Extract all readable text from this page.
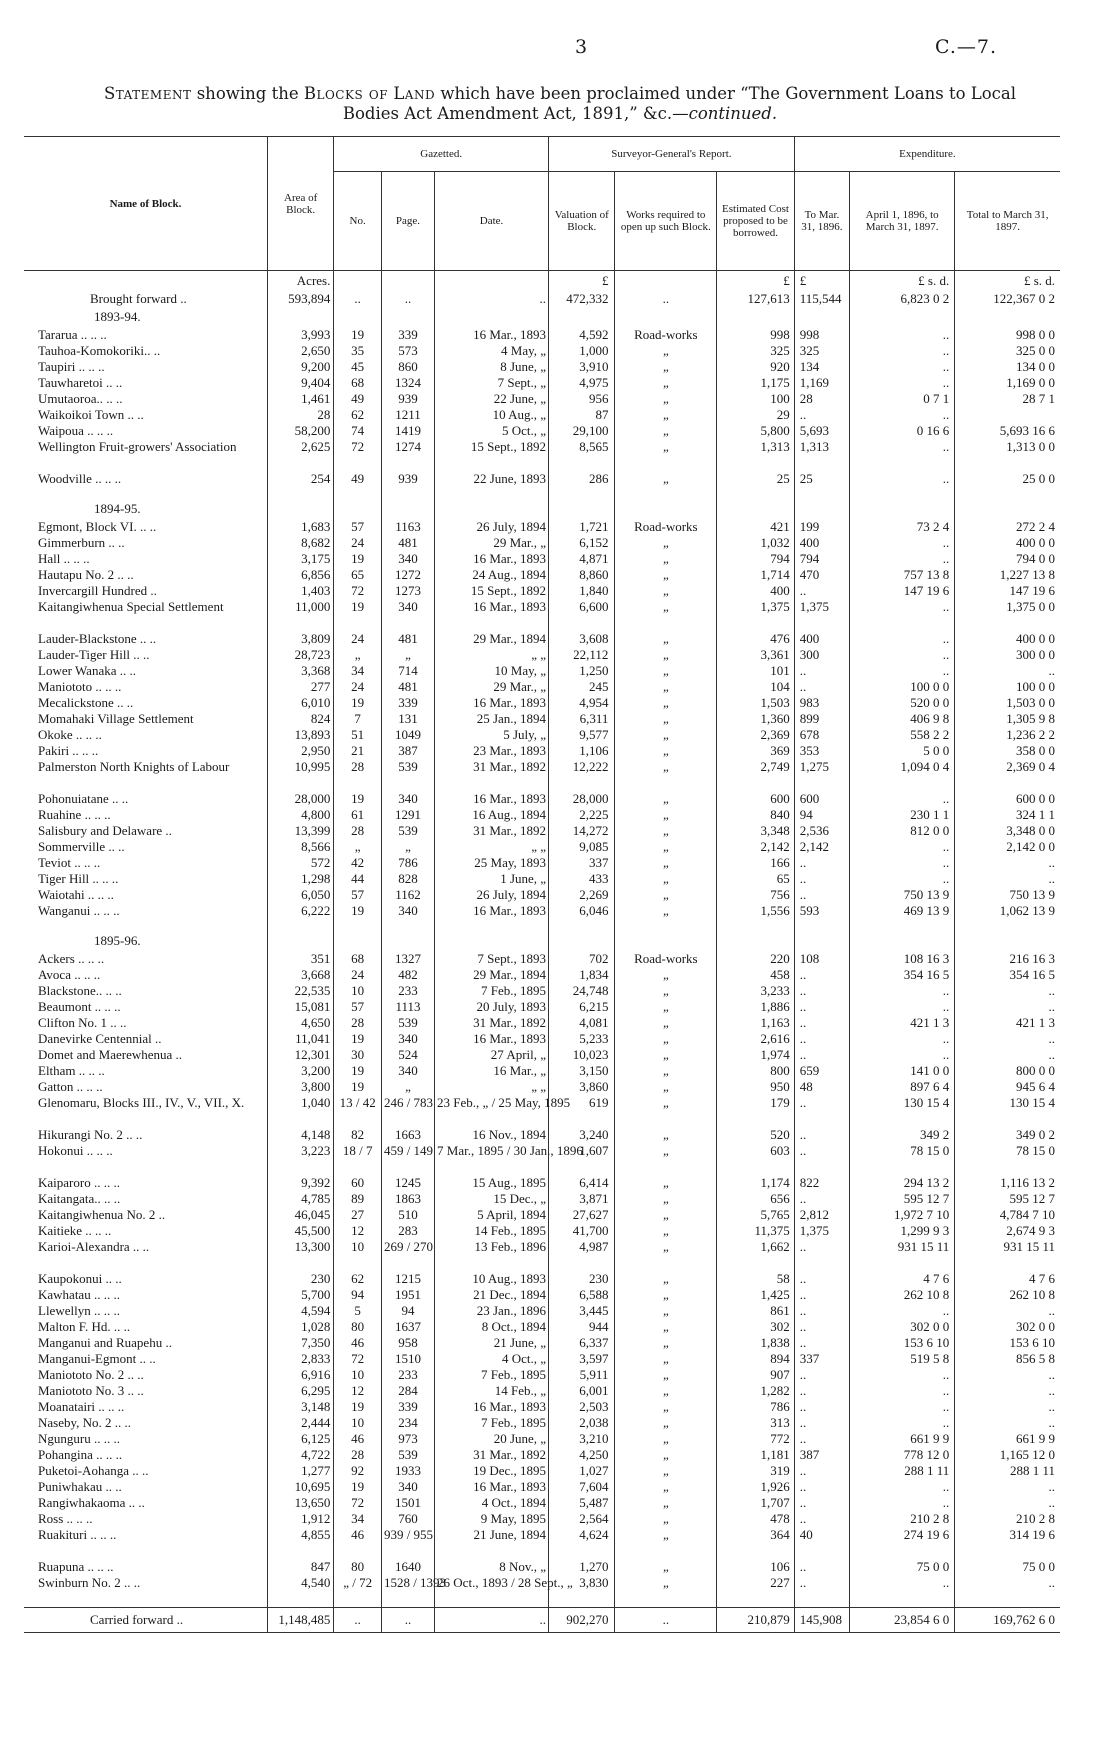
3	C.—7.
Statement showing the Blocks of Land which have been proclaimed under “The Government Loans to Local
Bodies Act Amendment Act, 1891,” &c.—continued.
Name of Block.	Area of Block.	Gazetted.			Surveyor-General's Report.			Expenditure.		
		No.	Page.	Date.	Valuation of Block.	Works required to open up such Block.	Estimated Cost proposed to be borrowed.	To Mar. 31, 1896.	April 1, 1896, to March 31, 1897.	Total to March 31, 1897.
	Acres.				£		£	£	£ s. d.	£ s. d.
Brought forward ..	593,894	..	..	..	472,332	..	127,613	115,544	6,823 0 2	122,367 0 2
1893-94.										
Tararua .. .. ..	3,993	19	339	16 Mar., 1893	4,592	Road-works	998	998	..	998 0 0
Tauhoa-Komokoriki.. ..	2,650	35	573	4 May, „	1,000	„	325	325	..	325 0 0
Taupiri .. .. ..	9,200	45	860	8 June, „	3,910	„	920	134	..	134 0 0
Tauwharetoi .. ..	9,404	68	1324	7 Sept., „	4,975	„	1,175	1,169	..	1,169 0 0
Umutaoroa.. .. ..	1,461	49	939	22 June, „	956	„	100	28	0 7 1	28 7 1
Waikoikoi Town .. ..	28	62	1211	10 Aug., „	87	„	29	..	..	
Waipoua .. .. ..	58,200	74	1419	5 Oct., „	29,100	„	5,800	5,693	0 16 6	5,693 16 6
Wellington Fruit-growers' Association	2,625	72	1274	15 Sept., 1892	8,565	„	1,313	1,313	..	1,313 0 0
Woodville .. .. ..	254	49	939	22 June, 1893	286	„	25	25	..	25 0 0

1894-95.										
Egmont, Block VI. .. ..	1,683	57	1163	26 July, 1894	1,721	Road-works	421	199	73 2 4	272 2 4
Gimmerburn .. ..	8,682	24	481	29 Mar., „	6,152	„	1,032	400	..	400 0 0
Hall .. .. ..	3,175	19	340	16 Mar., 1893	4,871	„	794	794	..	794 0 0
Hautapu No. 2 .. ..	6,856	65	1272	24 Aug., 1894	8,860	„	1,714	470	757 13 8	1,227 13 8
Invercargill Hundred ..	1,403	72	1273	15 Sept., 1892	1,840	„	400	..	147 19 6	147 19 6
Kaitangiwhenua Special Settlement	11,000	19	340	16 Mar., 1893	6,600	„	1,375	1,375	..	1,375 0 0
Lauder-Blackstone .. ..	3,809	24	481	29 Mar., 1894	3,608	„	476	400	..	400 0 0
Lauder-Tiger Hill .. ..	28,723	„	„	„ „	22,112	„	3,361	300	..	300 0 0
Lower Wanaka .. ..	3,368	34	714	10 May, „	1,250	„	101	..	..	..
Maniototo .. .. ..	277	24	481	29 Mar., „	245	„	104	..	100 0 0	100 0 0
Mecalickstone .. ..	6,010	19	339	16 Mar., 1893	4,954	„	1,503	983	520 0 0	1,503 0 0
Momahaki Village Settlement	824	7	131	25 Jan., 1894	6,311	„	1,360	899	406 9 8	1,305 9 8
Okoke .. .. ..	13,893	51	1049	5 July, „	9,577	„	2,369	678	558 2 2	1,236 2 2
Pakiri .. .. ..	2,950	21	387	23 Mar., 1893	1,106	„	369	353	5 0 0	358 0 0
Palmerston North Knights of Labour	10,995	28	539	31 Mar., 1892	12,222	„	2,749	1,275	1,094 0 4	2,369 0 4
Pohonuiatane .. ..	28,000	19	340	16 Mar., 1893	28,000	„	600	600	..	600 0 0
Ruahine .. .. ..	4,800	61	1291	16 Aug., 1894	2,225	„	840	94	230 1 1	324 1 1
Salisbury and Delaware ..	13,399	28	539	31 Mar., 1892	14,272	„	3,348	2,536	812 0 0	3,348 0 0
Sommerville .. ..	8,566	„	„	„ „	9,085	„	2,142	2,142	..	2,142 0 0
Teviot .. .. ..	572	42	786	25 May, 1893	337	„	166	..	..	..
Tiger Hill .. .. ..	1,298	44	828	1 June, „	433	„	65	..	..	..
Waiotahi .. .. ..	6,050	57	1162	26 July, 1894	2,269	„	756	..	750 13 9	750 13 9
Wanganui .. .. ..	6,222	19	340	16 Mar., 1893	6,046	„	1,556	593	469 13 9	1,062 13 9

1895-96.										
Ackers .. .. ..	351	68	1327	7 Sept., 1893	702	Road-works	220	108	108 16 3	216 16 3
Avoca .. .. ..	3,668	24	482	29 Mar., 1894	1,834	„	458	..	354 16 5	354 16 5
Blackstone.. .. ..	22,535	10	233	7 Feb., 1895	24,748	„	3,233	..	..	..
Beaumont .. .. ..	15,081	57	1113	20 July, 1893	6,215	„	1,886	..	..	..
Clifton No. 1 .. ..	4,650	28	539	31 Mar., 1892	4,081	„	1,163	..	421 1 3	421 1 3
Danevirke Centennial ..	11,041	19	340	16 Mar., 1893	5,233	„	2,616	..	..	..
Domet and Maerewhenua ..	12,301	30	524	27 April, „	10,023	„	1,974	..	..	..
Eltham .. .. ..	3,200	19	340	16 Mar., „	3,150	„	800	659	141 0 0	800 0 0
Gatton .. .. ..	3,800	19	„	„ „	3,860	„	950	48	897 6 4	945 6 4
Glenomaru, Blocks III., IV., V., VII., X.	1,040	13 / 42	246 / 783	23 Feb., „ / 25 May, 1895	619	„	179	..	130 15 4	130 15 4
Hikurangi No. 2 .. ..	4,148	82	1663	16 Nov., 1894	3,240	„	520	..	349 2	349 0 2
Hokonui .. .. ..	3,223	18 / 7	459 / 149	7 Mar., 1895 / 30 Jan., 1896	1,607	„	603	..	78 15 0	78 15 0
Kaiparoro .. .. ..	9,392	60	1245	15 Aug., 1895	6,414	„	1,174	822	294 13 2	1,116 13 2
Kaitangata.. .. ..	4,785	89	1863	15 Dec., „	3,871	„	656	..	595 12 7	595 12 7
Kaitangiwhenua No. 2 ..	46,045	27	510	5 April, 1894	27,627	„	5,765	2,812	1,972 7 10	4,784 7 10
Kaitieke .. .. ..	45,500	12	283	14 Feb., 1895	41,700	„	11,375	1,375	1,299 9 3	2,674 9 3
Karioi-Alexandra .. ..	13,300	10	269 / 270	13 Feb., 1896	4,987	„	1,662	..	931 15 11	931 15 11
Kaupokonui .. ..	230	62	1215	10 Aug., 1893	230	„	58	..	4 7 6	4 7 6
Kawhatau .. .. ..	5,700	94	1951	21 Dec., 1894	6,588	„	1,425	..	262 10 8	262 10 8
Llewellyn .. .. ..	4,594	5	94	23 Jan., 1896	3,445	„	861	..	..	..
Malton F. Hd. .. ..	1,028	80	1637	8 Oct., 1894	944	„	302	..	302 0 0	302 0 0
Manganui and Ruapehu ..	7,350	46	958	21 June, „	6,337	„	1,838	..	153 6 10	153 6 10
Manganui-Egmont .. ..	2,833	72	1510	4 Oct., „	3,597	„	894	337	519 5 8	856 5 8
Maniototo No. 2 .. ..	6,916	10	233	7 Feb., 1895	5,911	„	907	..	..	..
Maniototo No. 3 .. ..	6,295	12	284	14 Feb., „	6,001	„	1,282	..	..	..
Moanatairi .. .. ..	3,148	19	339	16 Mar., 1893	2,503	„	786	..	..	..
Naseby, No. 2 .. ..	2,444	10	234	7 Feb., 1895	2,038	„	313	..	..	..
Ngunguru .. .. ..	6,125	46	973	20 June, „	3,210	„	772	..	661 9 9	661 9 9
Pohangina .. .. ..	4,722	28	539	31 Mar., 1892	4,250	„	1,181	387	778 12 0	1,165 12 0
Puketoi-Aohanga .. ..	1,277	92	1933	19 Dec., 1895	1,027	„	319	..	288 1 11	288 1 11
Puniwhakau .. ..	10,695	19	340	16 Mar., 1893	7,604	„	1,926	..	..	..
Rangiwhakaoma .. ..	13,650	72	1501	4 Oct., 1894	5,487	„	1,707	..	..	..
Ross .. .. ..	1,912	34	760	9 May, 1895	2,564	„	478	..	210 2 8	210 2 8
Ruakituri .. .. ..	4,855	46	939 / 955	21 June, 1894	4,624	„	364	40	274 19 6	314 19 6
Ruapuna .. .. ..	847	80	1640	8 Nov., „	1,270	„	106	..	75 0 0	75 0 0
Swinburn No. 2 .. ..	4,540	„ / 72	1528 / 1393	26 Oct., 1893 / 28 Sept., „	3,830	„	227	..	..	..
Carried forward ..	1,148,485	..	..	..	902,270	..	210,879	145,908	23,854 6 0	169,762 6 0
